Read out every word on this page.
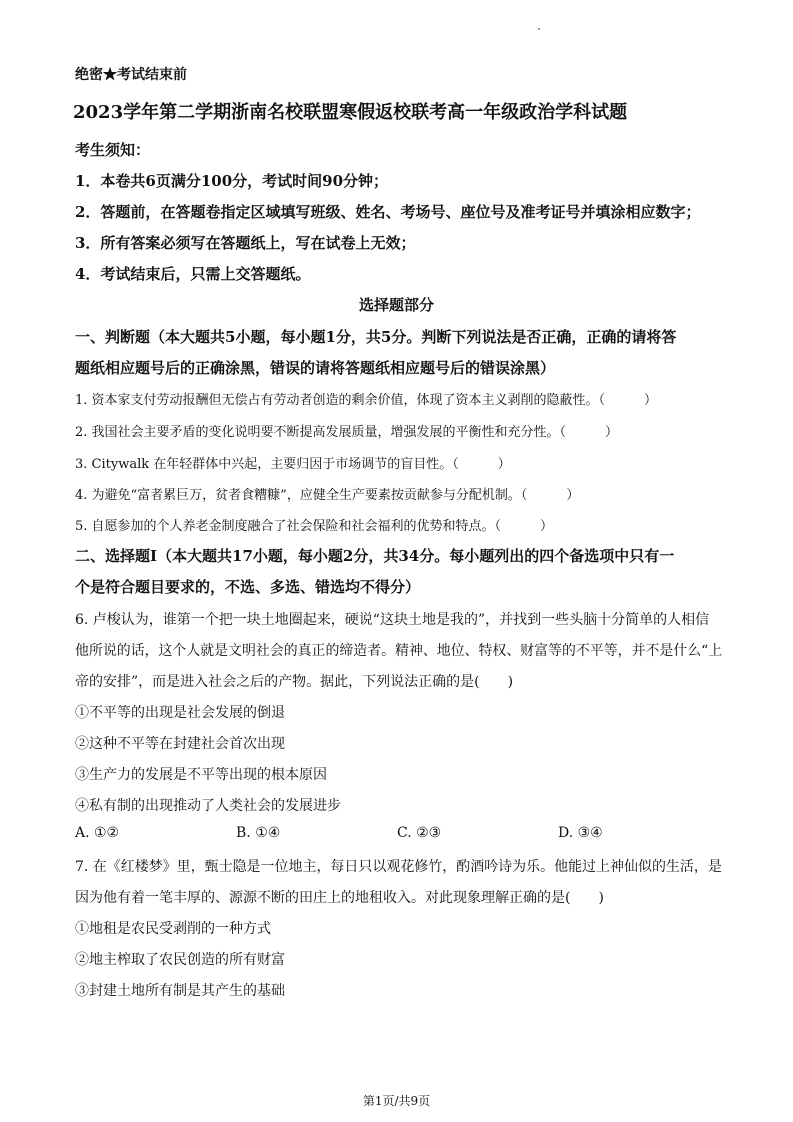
绝密★考试结束前
2023学年第二学期浙南名校联盟寒假返校联考高一年级政治学科试题
考生须知：
1．本卷共6页满分100分，考试时间90分钟；
2．答题前，在答题卷指定区域填写班级、姓名、考场号、座位号及准考证号并填涂相应数字；
3．所有答案必须写在答题纸上，写在试卷上无效；
4．考试结束后，只需上交答题纸。
选择题部分
一、判断题（本大题共5小题，每小题1分，共5分。判断下列说法是否正确，正确的请将答
题纸相应题号后的正确涂黑，错误的请将答题纸相应题号后的错误涂黑）
1. 资本家支付劳动报酬但无偿占有劳动者创造的剩余价值，体现了资本主义剥削的隐蔽性。（　　　）
2. 我国社会主要矛盾的变化说明要不断提高发展质量，增强发展的平衡性和充分性。（　　　）
3. Citywalk 在年轻群体中兴起，主要归因于市场调节的盲目性。（　　　）
4. 为避免“富者累巨万，贫者食糟糠”，应健全生产要素按贡献参与分配机制。（　　　）
5. 自愿参加的个人养老金制度融合了社会保险和社会福利的优势和特点。（　　　）
二、选择题Ⅰ（本大题共17小题，每小题2分，共34分。每小题列出的四个备选项中只有一
个是符合题目要求的，不选、多选、错选均不得分）
6. 卢梭认为，谁第一个把一块土地圈起来，硬说“这块土地是我的”，并找到一些头脑十分简单的人相信
他所说的话，这个人就是文明社会的真正的缔造者。精神、地位、特权、财富等的不平等，并不是什么“上
帝的安排”，而是进入社会之后的产物。据此，下列说法正确的是(　　)
①不平等的出现是社会发展的倒退
②这种不平等在封建社会首次出现
③生产力的发展是不平等出现的根本原因
④私有制的出现推动了人类社会的发展进步
A. ①②	B. ①④	C. ②③	D. ③④
7. 在《红楼梦》里，甄士隐是一位地主，每日只以观花修竹，酌酒吟诗为乐。他能过上神仙似的生活，是
因为他有着一笔丰厚的、源源不断的田庄上的地租收入。对此现象理解正确的是(　　)
①地租是农民受剥削的一种方式
②地主榨取了农民创造的所有财富
③封建土地所有制是其产生的基础
第1页/共9页
